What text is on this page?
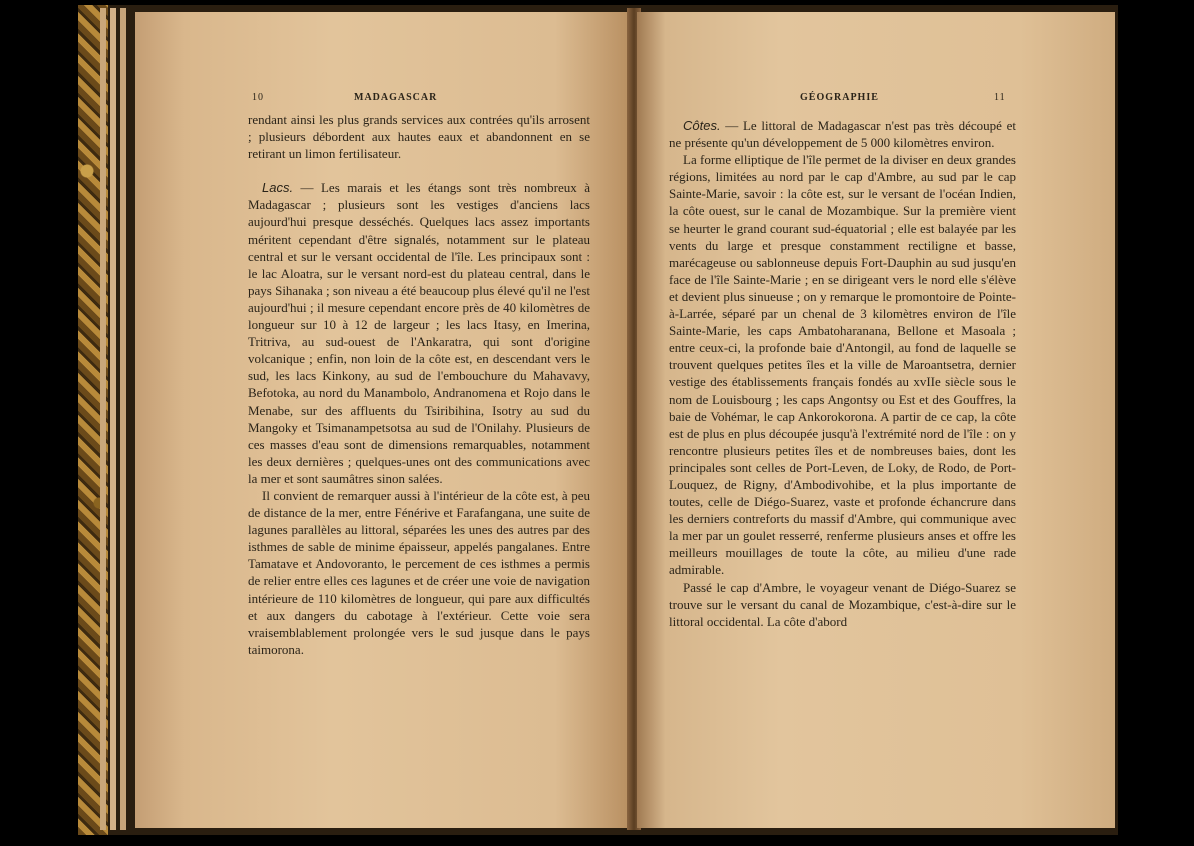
10	MADAGASCAR

rendant ainsi les plus grands services aux contrées qu'ils arrosent ; plusieurs débordent aux hautes eaux et abandonnent en se retirant un limon fertilisateur.

Lacs. — Les marais et les étangs sont très nombreux à Madagascar ; plusieurs sont les vestiges d'anciens lacs aujourd'hui presque desséchés. Quelques lacs assez importants méritent cependant d'être signalés, notamment sur le plateau central et sur le versant occidental de l'île. Les principaux sont : le lac Aloatra, sur le versant nord-est du plateau central, dans le pays Sihanaka ; son niveau a été beaucoup plus élevé qu'il ne l'est aujourd'hui ; il mesure cependant encore près de 40 kilomètres de longueur sur 10 à 12 de largeur ; les lacs Itasy, en Imerina, Tritriva, au sud-ouest de l'Ankaratra, qui sont d'origine volcanique ; enfin, non loin de la côte est, en descendant vers le sud, les lacs Kinkony, au sud de l'embouchure du Mahavavy, Befotoka, au nord du Manambolo, Andranomena et Rojo dans le Menabe, sur des affluents du Tsiribihina, Isotry au sud du Mangoky et Tsimanampetsotsa au sud de l'Onilahy. Plusieurs de ces masses d'eau sont de dimensions remarquables, notamment les deux dernières ; quelques-unes ont des communications avec la mer et sont saumâtres sinon salées.

Il convient de remarquer aussi à l'intérieur de la côte est, à peu de distance de la mer, entre Fénérive et Farafangana, une suite de lagunes parallèles au littoral, séparées les unes des autres par des isthmes de sable de minime épaisseur, appelés pangalanes. Entre Tamatave et Andovoranto, le percement de ces isthmes a permis de relier entre elles ces lagunes et de créer une voie de navigation intérieure de 110 kilomètres de longueur, qui pare aux difficultés et aux dangers du cabotage à l'extérieur. Cette voie sera vraisemblablement prolongée vers le sud jusque dans le pays taimorona.

GÉOGRAPHIE	11

Côtes. — Le littoral de Madagascar n'est pas très découpé et ne présente qu'un développement de 5 000 kilomètres environ.

La forme elliptique de l'île permet de la diviser en deux grandes régions, limitées au nord par le cap d'Ambre, au sud par le cap Sainte-Marie, savoir : la côte est, sur le versant de l'océan Indien, la côte ouest, sur le canal de Mozambique. Sur la première vient se heurter le grand courant sud-équatorial ; elle est balayée par les vents du large et presque constamment rectiligne et basse, marécageuse ou sablonneuse depuis Fort-Dauphin au sud jusqu'en face de l'île Sainte-Marie ; en se dirigeant vers le nord elle s'élève et devient plus sinueuse ; on y remarque le promontoire de Pointe-à-Larrée, séparé par un chenal de 3 kilomètres environ de l'île Sainte-Marie, les caps Ambatoharanana, Bellone et Masoala ; entre ceux-ci, la profonde baie d'Antongil, au fond de laquelle se trouvent quelques petites îles et la ville de Maroantsetra, dernier vestige des établissements français fondés au xvIIe siècle sous le nom de Louisbourg ; les caps Angontsy ou Est et des Gouffres, la baie de Vohémar, le cap Ankorokorona. A partir de ce cap, la côte est de plus en plus découpée jusqu'à l'extrémité nord de l'île : on y rencontre plusieurs petites îles et de nombreuses baies, dont les principales sont celles de Port-Leven, de Loky, de Rodo, de Port-Louquez, de Rigny, d'Ambodivohibe, et la plus importante de toutes, celle de Diégo-Suarez, vaste et profonde échancrure dans les derniers contreforts du massif d'Ambre, qui communique avec la mer par un goulet resserré, renferme plusieurs anses et offre les meilleurs mouillages de toute la côte, au milieu d'une rade admirable.

Passé le cap d'Ambre, le voyageur venant de Diégo-Suarez se trouve sur le versant du canal de Mozambique, c'est-à-dire sur le littoral occidental. La côte d'abord
